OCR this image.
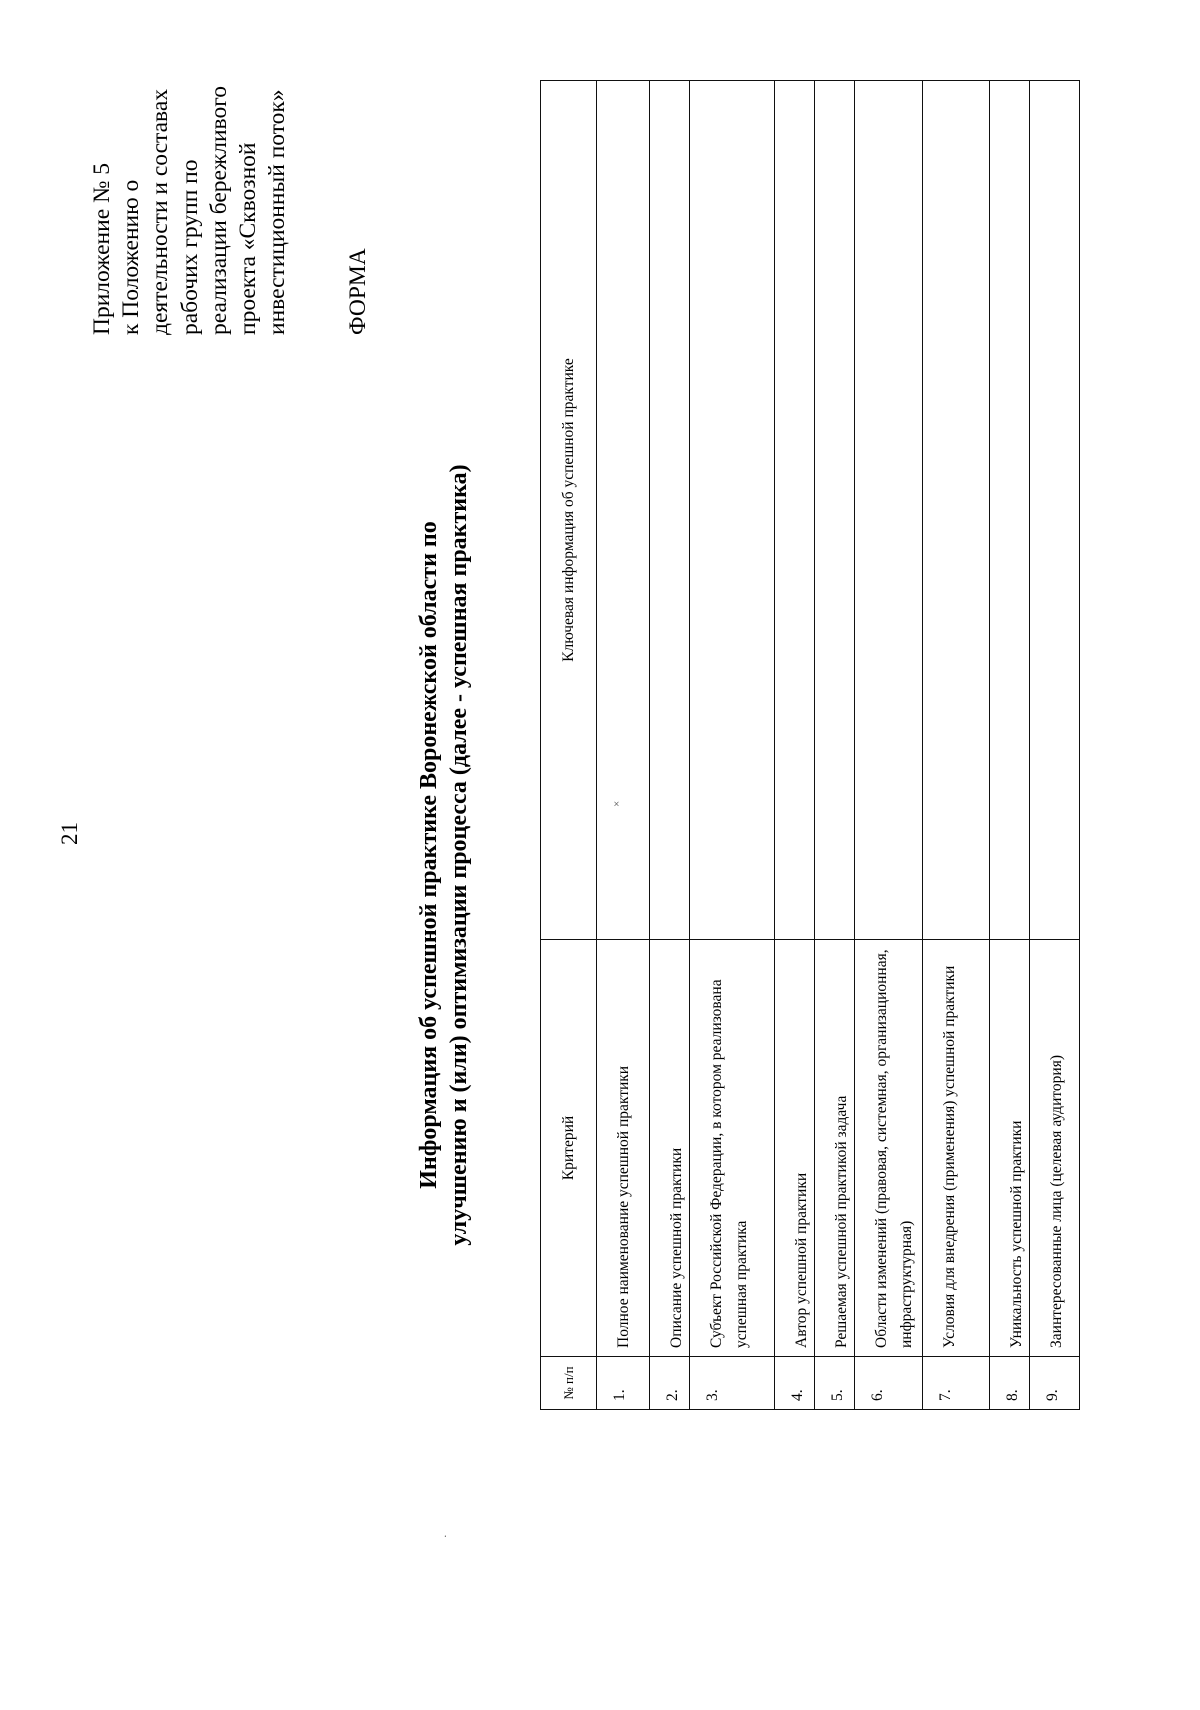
21
Приложение № 5 к Положению о деятельности и составах рабочих групп по реализации бережливого проекта «Сквозной инвестиционный поток» ФОРМА
Информация об успешной практике Воронежской области по улучшению и (или) оптимизации процесса (далее - успешная практика)
№ п/п	Критерий	Ключевая информация об успешной практике
1.	Полное наименование успешной практики	
2.	Описание успешной практики	
3.	Субъект Российской Федерации, в котором реализована успешная практика	
4.	Автор успешной практики	
5.	Решаемая успешной практикой задача	
6.	Области изменений (правовая, системная, организационная, инфраструктурная)	
7.	Условия для внедрения (применения) успешной практики	
8.	Уникальность успешной практики	
9.	Заинтересованные лица (целевая аудитория)	
×
·
